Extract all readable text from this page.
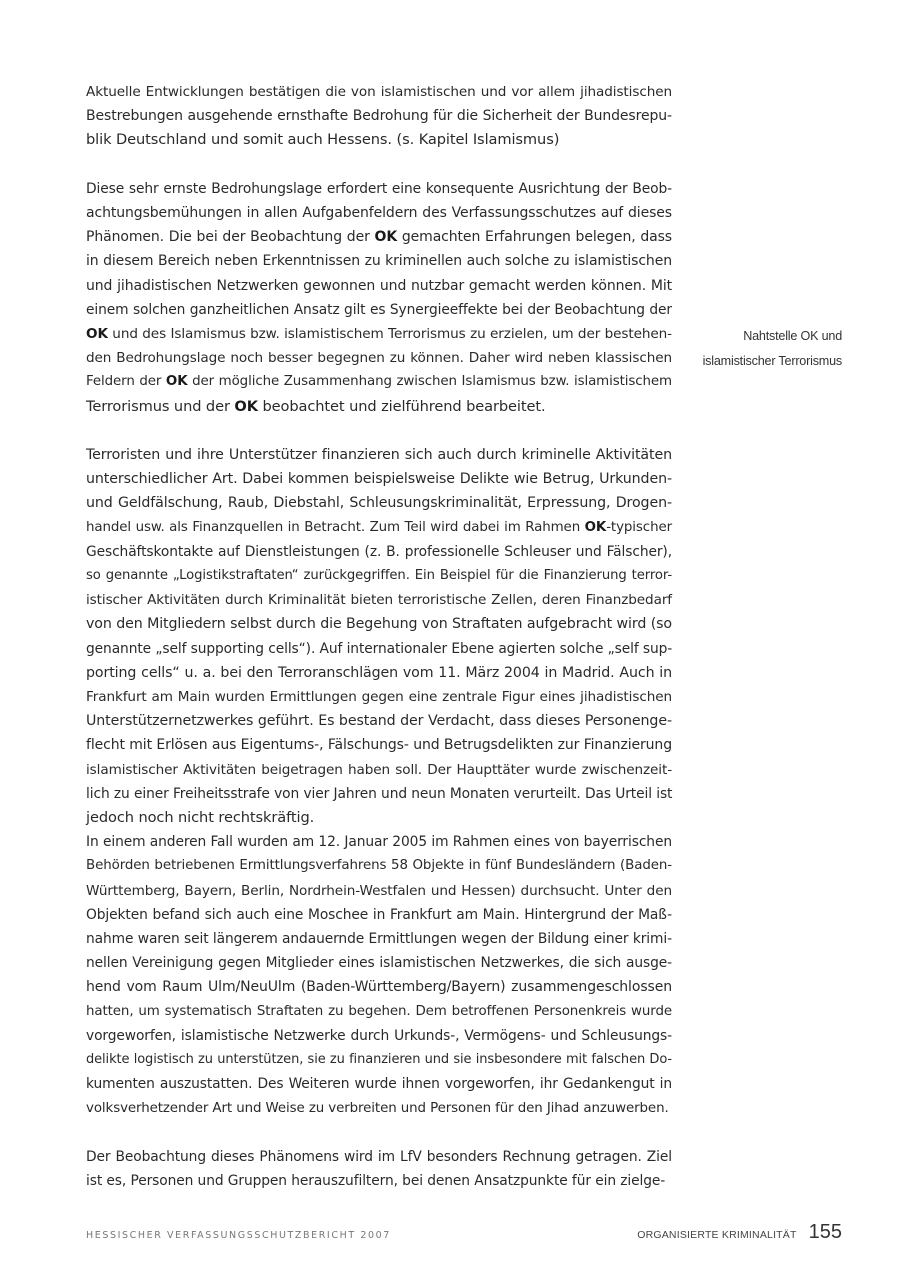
Aktuelle Entwicklungen bestätigen die von islamistischen und vor allem jihadistischen
Bestrebungen ausgehende ernsthafte Bedrohung für die Sicherheit der Bundesrepu-
blik Deutschland und somit auch Hessens. (s. Kapitel Islamismus)

Diese sehr ernste Bedrohungslage erfordert eine konsequente Ausrichtung der Beob-
achtungsbemühungen in allen Aufgabenfeldern des Verfassungsschutzes auf dieses
Phänomen. Die bei der Beobachtung der OK gemachten Erfahrungen belegen, dass
in diesem Bereich neben Erkenntnissen zu kriminellen auch solche zu islamistischen
und jihadistischen Netzwerken gewonnen und nutzbar gemacht werden können. Mit
einem solchen ganzheitlichen Ansatz gilt es Synergieeffekte bei der Beobachtung der
OK und des Islamismus bzw. islamistischem Terrorismus zu erzielen, um der bestehen-
den Bedrohungslage noch besser begegnen zu können. Daher wird neben klassischen
Feldern der OK der mögliche Zusammenhang zwischen Islamismus bzw. islamistischem
Terrorismus und der OK beobachtet und zielführend bearbeitet.

Terroristen und ihre Unterstützer finanzieren sich auch durch kriminelle Aktivitäten
unterschiedlicher Art. Dabei kommen beispielsweise Delikte wie Betrug, Urkunden-
und Geldfälschung, Raub, Diebstahl, Schleusungskriminalität, Erpressung, Drogen-
handel usw. als Finanzquellen in Betracht. Zum Teil wird dabei im Rahmen OK-typischer
Geschäftskontakte auf Dienstleistungen (z. B. professionelle Schleuser und Fälscher),
so genannte „Logistikstraftaten“ zurückgegriffen. Ein Beispiel für die Finanzierung terror-
istischer Aktivitäten durch Kriminalität bieten terroristische Zellen, deren Finanzbedarf
von den Mitgliedern selbst durch die Begehung von Straftaten aufgebracht wird (so
genannte „self supporting cells“). Auf internationaler Ebene agierten solche „self sup-
porting cells“ u. a. bei den Terroranschlägen vom 11. März 2004 in Madrid. Auch in
Frankfurt am Main wurden Ermittlungen gegen eine zentrale Figur eines jihadistischen
Unterstützernetzwerkes geführt. Es bestand der Verdacht, dass dieses Personenge-
flecht mit Erlösen aus Eigentums-, Fälschungs- und Betrugsdelikten zur Finanzierung
islamistischer Aktivitäten beigetragen haben soll. Der Haupttäter wurde zwischenzeit-
lich zu einer Freiheitsstrafe von vier Jahren und neun Monaten verurteilt. Das Urteil ist
jedoch noch nicht rechtskräftig.

In einem anderen Fall wurden am 12. Januar 2005 im Rahmen eines von bayerrischen
Behörden betriebenen Ermittlungsverfahrens 58 Objekte in fünf Bundesländern (Baden-
Württemberg, Bayern, Berlin, Nordrhein-Westfalen und Hessen) durchsucht. Unter den
Objekten befand sich auch eine Moschee in Frankfurt am Main. Hintergrund der Maß-
nahme waren seit längerem andauernde Ermittlungen wegen der Bildung einer krimi-
nellen Vereinigung gegen Mitglieder eines islamistischen Netzwerkes, die sich ausge-
hend vom Raum Ulm/NeuUlm (Baden-Württemberg/Bayern) zusammengeschlossen
hatten, um systematisch Straftaten zu begehen. Dem betroffenen Personenkreis wurde
vorgeworfen, islamistische Netzwerke durch Urkunds-, Vermögens- und Schleusungs-
delikte logistisch zu unterstützen, sie zu finanzieren und sie insbesondere mit falschen Do-
kumenten auszustatten. Des Weiteren wurde ihnen vorgeworfen, ihr Gedankengut in
volksverhetzender Art und Weise zu verbreiten und Personen für den Jihad anzuwerben.

Der Beobachtung dieses Phänomens wird im LfV besonders Rechnung getragen. Ziel
ist es, Personen und Gruppen herauszufiltern, bei denen Ansatzpunkte für ein zielge-

Nahtstelle OK und
islamistischer Terrorismus
HESSISCHER VERFASSUNGSSCHUTZBERICHT 2007	ORGANISIERTE KRIMINALITÄT 155
